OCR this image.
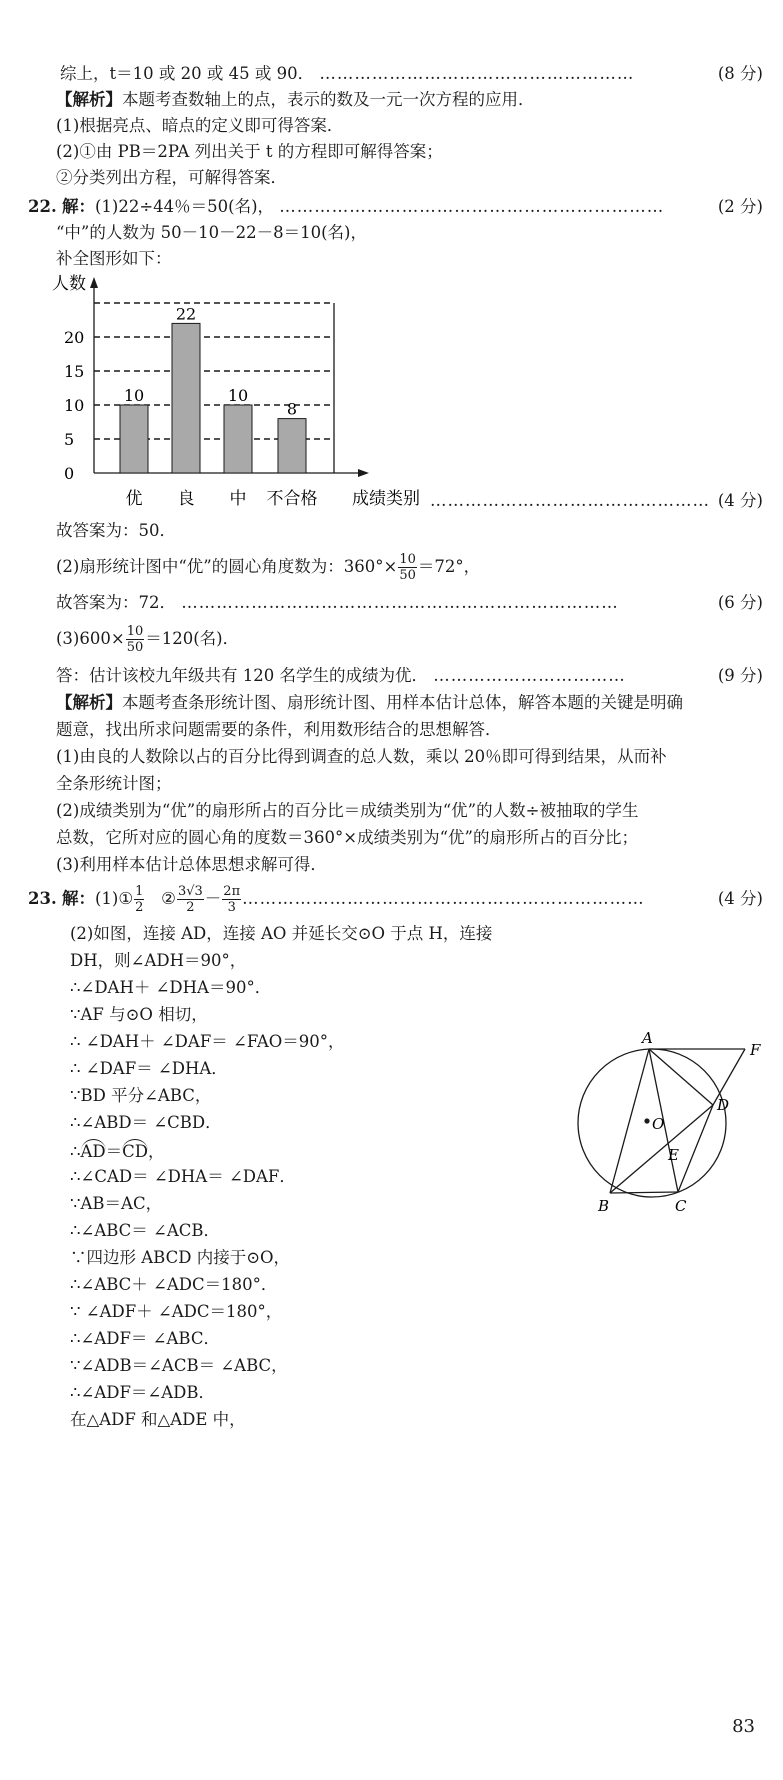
综上，t＝10 或 20 或 45 或 90． ………………………………………………	(8 分)
【解析】本题考查数轴上的点，表示的数及一元一次方程的应用．
(1)根据亮点、暗点的定义即可得答案．
(2)①由 PB＝2PA 列出关于 t 的方程即可解得答案；
②分类列出方程，可解得答案．
22. 解：(1)22÷44％＝50(名)， …………………………………………………………	(2 分)
“中”的人数为 50－10－22－8＝10(名)，
补全图形如下：
人数
成绩类别
0
5
10
15
20
优 良 中 不合格
10
22
10
8
………………………………………… (4 分)
故答案为：50．
(2)扇形统计图中“优”的圆心角度数为：$360^\circ\times \frac{10}{50} =72^\circ$，
故答案为：72． …………………………………………………………………	(6 分)
$(3)600\times \frac{10}{50} =120$(名)．
答：估计该校九年级共有 120 名学生的成绩为优． ……………………………	(9 分)
【解析】本题考查条形统计图、扇形统计图、用样本估计总体，解答本题的关键是明确
题意，找出所求问题需要的条件，利用数形结合的思想解答．
(1)由良的人数除以占的百分比得到调查的总人数，乘以 20％即可得到结果，从而补
全条形统计图；
(2)成绩类别为“优”的扇形所占的百分比＝成绩类别为“优”的人数÷被抽取的学生
总数，它所对应的圆心角的度数＝360°×成绩类别为“优”的扇形所占的百分比；
(3)利用样本估计总体思想求解可得．
23. 解：(1)① $\frac{1}{2}$ ② $\frac{3√3}{2} - \frac{2\pi}{3}$ ……………………………………………………………	(4 分)
(2)如图，连接 AD，连接 AO 并延长交⊙O 于点 H，连接
DH，则∠ADH＝90°，
∴∠DAH＋ ∠DHA＝90°．
∵AF 与⊙O 相切，
∴ ∠DAH＋ ∠DAF＝ ∠FAO＝90°，
∴ ∠DAF＝ ∠DHA．
∵BD 平分∠ABC，
∴∠ABD＝ ∠CBD．
∴AD＝CD，
∴∠CAD＝ ∠DHA＝ ∠DAF．
∵AB＝AC，
∴∠ABC＝ ∠ACB．
∵四边形 ABCD 内接于⊙O，
∴∠ABC＋ ∠ADC＝180°．
∵ ∠ADF＋ ∠ADC＝180°，
∴∠ADF＝ ∠ABC．
∵∠ADB＝∠ACB＝ ∠ABC，
∴∠ADF＝∠ADB．
在△ADF 和△ADE 中，
A
F
D
O
E
B	C
83
